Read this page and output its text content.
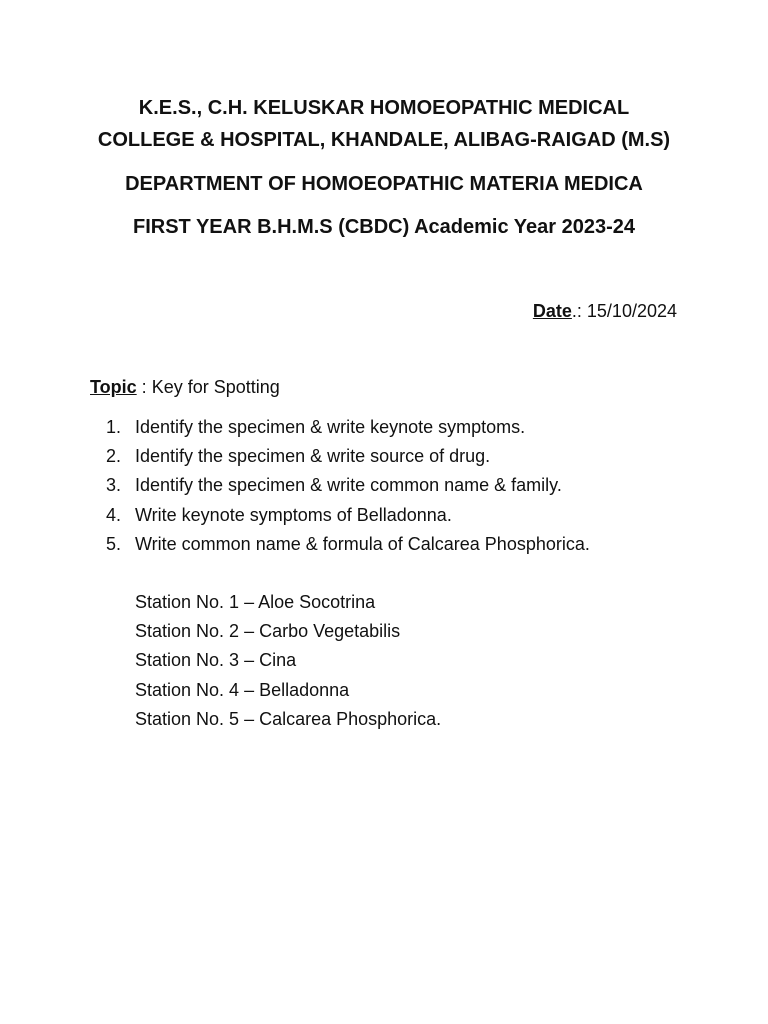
K.E.S., C.H. KELUSKAR HOMOEOPATHIC MEDICAL
COLLEGE & HOSPITAL, KHANDALE, ALIBAG-RAIGAD (M.S)
DEPARTMENT OF HOMOEOPATHIC MATERIA MEDICA
FIRST YEAR B.H.M.S (CBDC) Academic Year 2023-24
Date.: 15/10/2024
Topic : Key for Spotting
1. Identify the specimen & write keynote symptoms.
2. Identify the specimen & write source of drug.
3. Identify the specimen & write common name & family.
4. Write keynote symptoms of Belladonna.
5. Write common name & formula of Calcarea Phosphorica.
Station No. 1 – Aloe Socotrina
Station No. 2 – Carbo Vegetabilis
Station No. 3 – Cina
Station No. 4 – Belladonna
Station No. 5 – Calcarea Phosphorica.
